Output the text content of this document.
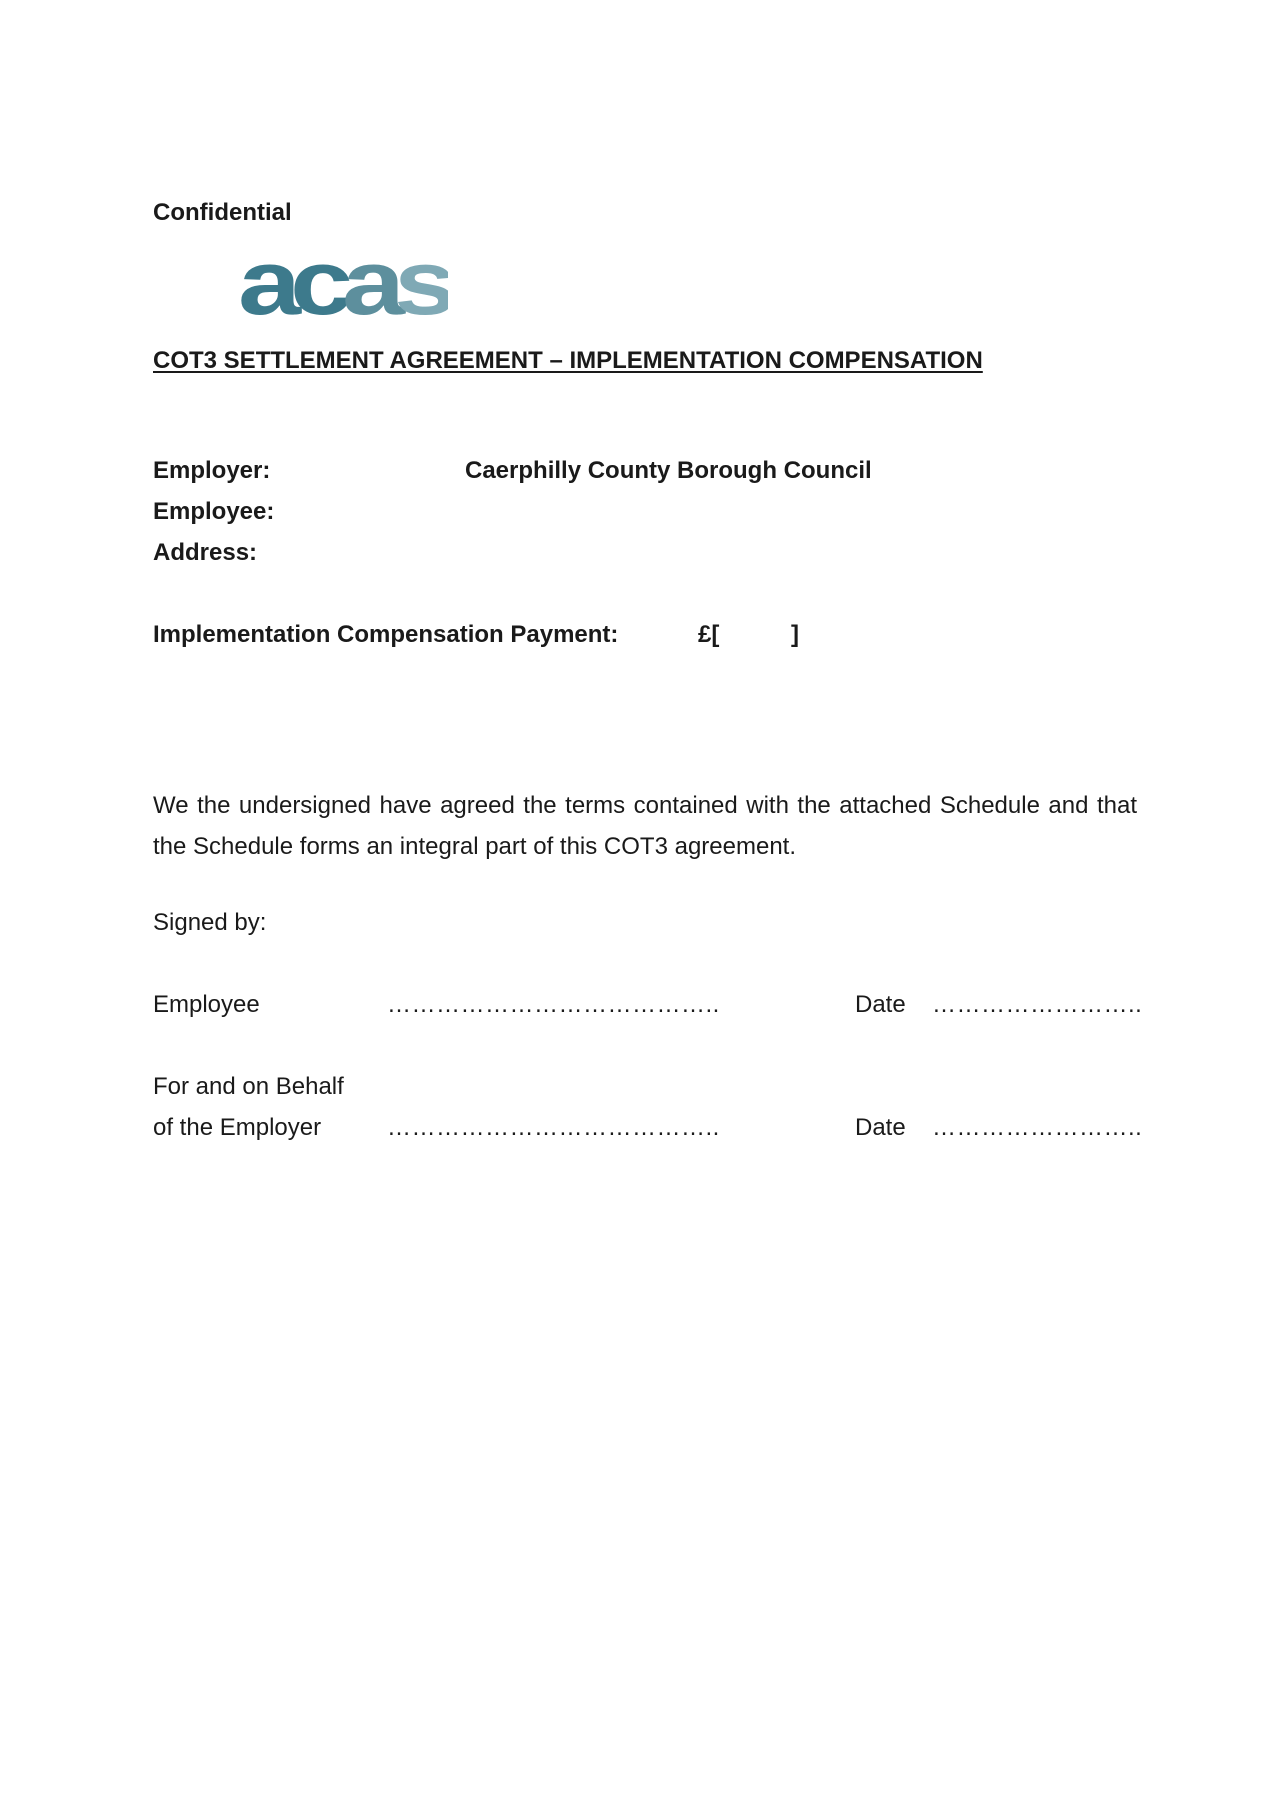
Confidential
a c a s
COT3 SETTLEMENT AGREEMENT – IMPLEMENTATION COMPENSATION
Employer:	Caerphilly County Borough Council
Employee:
Address:
Implementation Compensation Payment:	£[	]
We the undersigned have agreed the terms contained with the attached Schedule and that the Schedule forms an integral part of this COT3 agreement.
Signed by:
Employee	…………………………………..	Date ……………………..
For and on Behalf
of the Employer	…………………………………..	Date ……………………..
